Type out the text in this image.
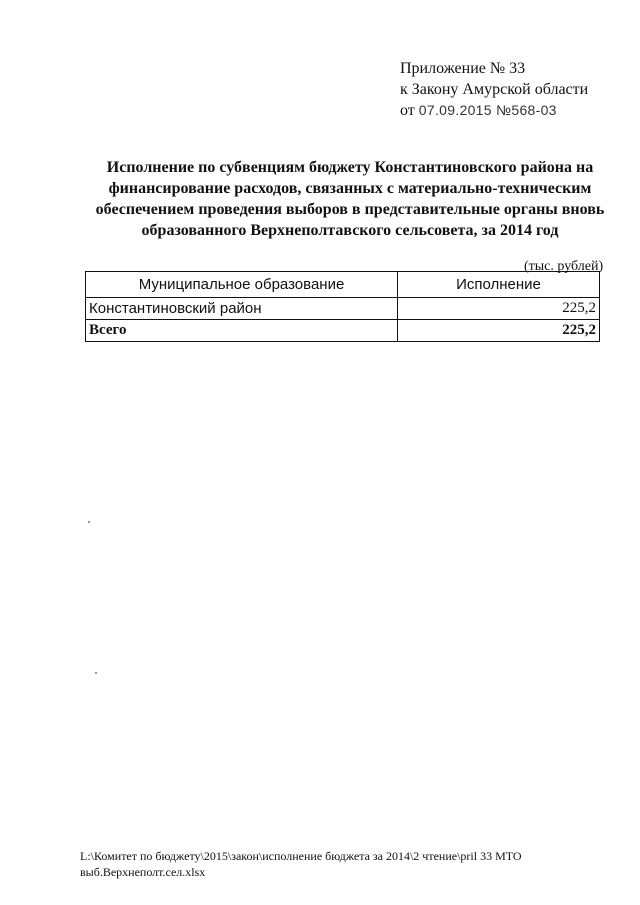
Приложение № 33
к Закону Амурской области
от 07.09.2015 №568-03
Исполнение по субвенциям бюджету Константиновского района на
финансирование расходов, связанных с материально-техническим
обеспечением проведения выборов в представительные органы вновь
образованного Верхнеполтавского сельсовета, за 2014 год
(тыс. рублей)
Муниципальное образование	Исполнение
Константиновский район	225,2
Всего	225,2
L:\Комитет по бюджету\2015\закон\исполнение бюджета за 2014\2 чтение\pril 33 МТО
выб.Верхнеполт.сел.xlsx
